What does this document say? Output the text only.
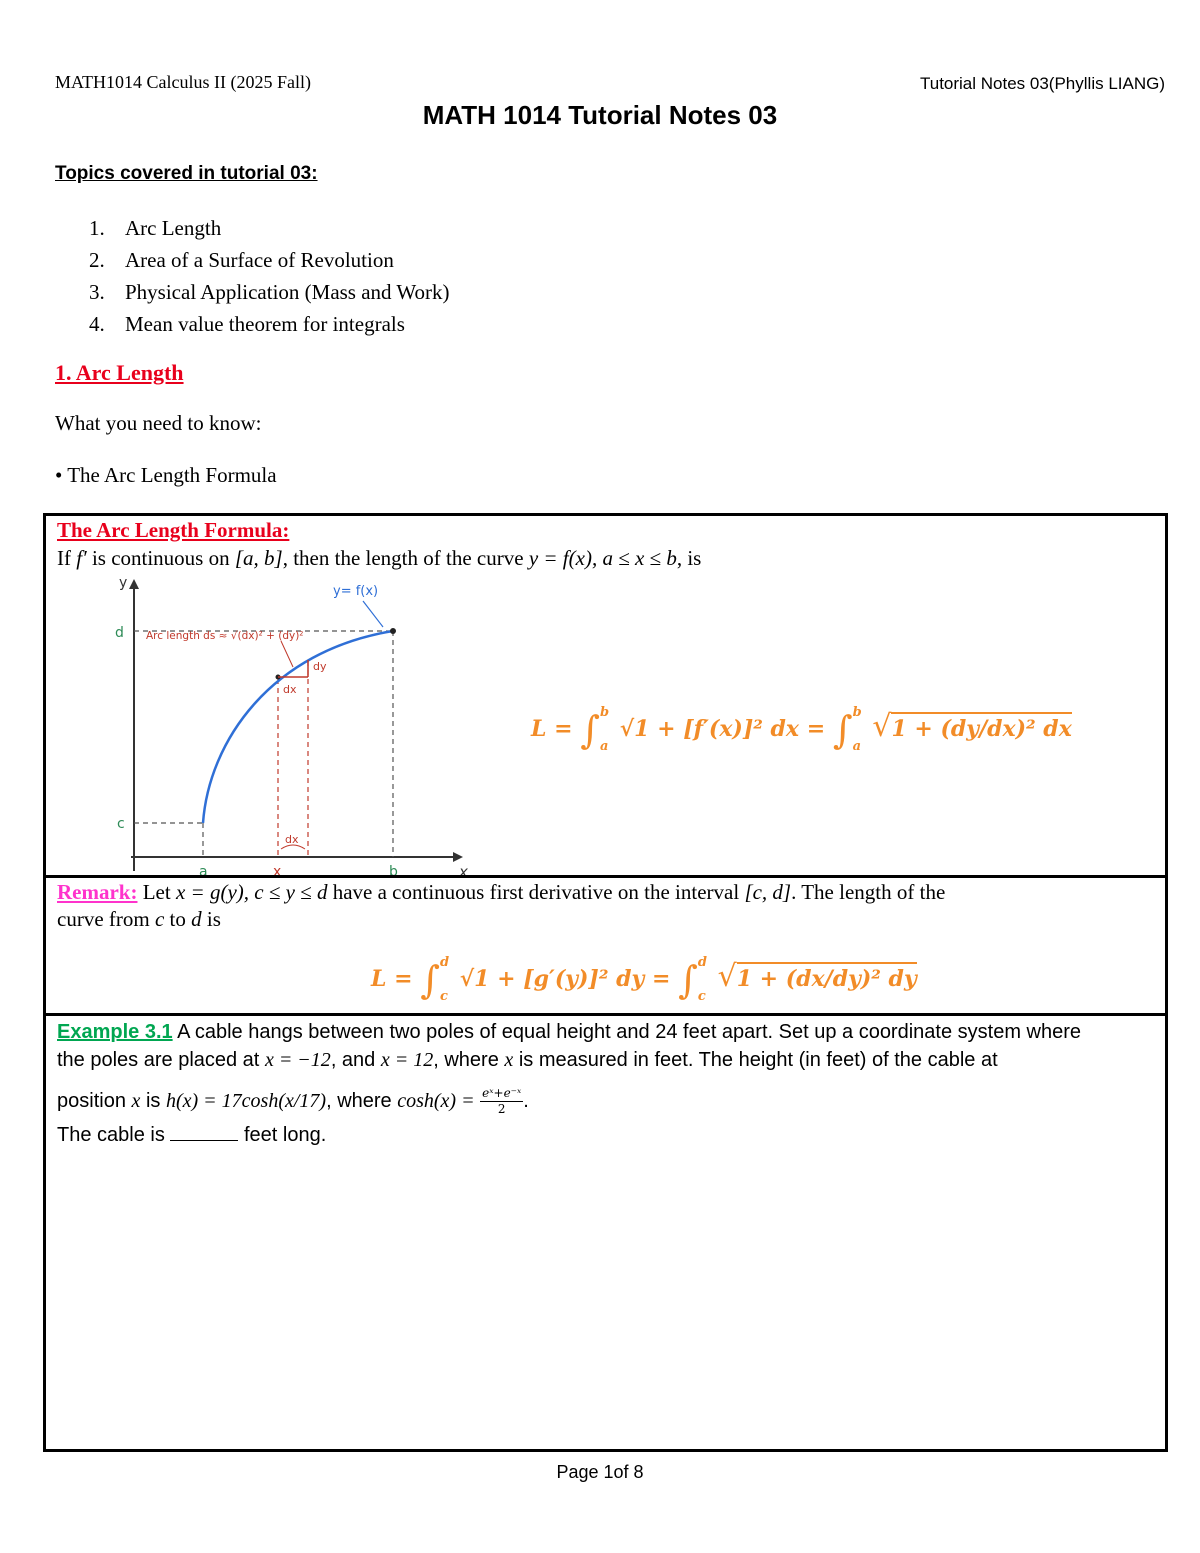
MATH1014 Calculus II (2025 Fall)	Tutorial Notes 03(Phyllis LIANG)
MATH 1014 Tutorial Notes 03
Topics covered in tutorial 03:
1. Arc Length
2. Area of a Surface of Revolution
3. Physical Application (Mass and Work)
4. Mean value theorem for integrals
1. Arc Length
What you need to know:
• The Arc Length Formula
The Arc Length Formula:
If f′ is continuous on [a, b], then the length of the curve y = f(x), a ≤ x ≤ b, is
y
x
dx
dy
dx
y= f(x)
Arc length ds ≈ √(dx)² + (dy)²
d
c
a	x	b
L = ∫ b
a
√1 + [f′(x)]² dx = ∫ b
a
√1 + (dy/dx)² dx
Remark: Let x = g(y), c ≤ y ≤ d have a continuous first derivative on the interval [c, d]. The length of the
curve from c to d is
L = ∫ d
c
√1 + [g′(y)]² dy = ∫ d
c
√1 + (dx/dy)² dy
Example 3.1 A cable hangs between two poles of equal height and 24 feet apart. Set up a coordinate system where
the poles are placed at x = −12, and x = 12, where x is measured in feet. The height (in feet) of the cable at
position x is h(x) = 17cosh(x/17), where $\cosh(x) = \frac{\text{eˣ+e⁻ˣ}}{2}$ .
The cable is	feet long.
Page 1of 8
